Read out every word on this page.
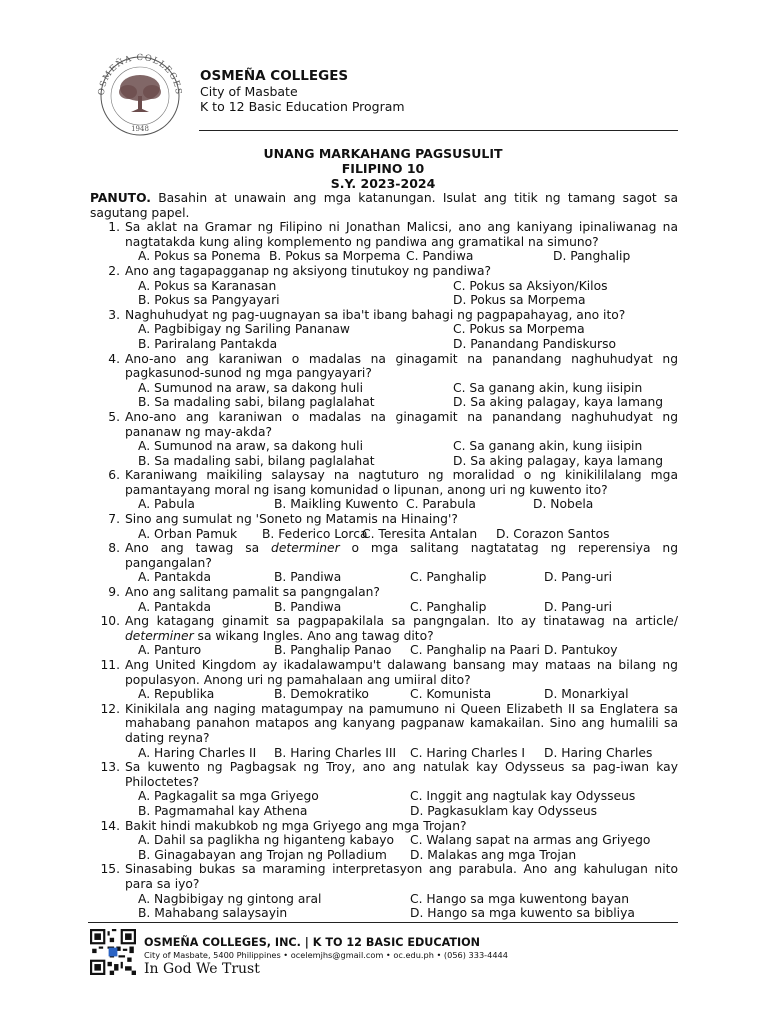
OSMEÑA COLLEGES
1948
OSMEÑA COLLEGES
City of Masbate
K to 12 Basic Education Program
UNANG MARKAHANG PAGSUSULIT
FILIPINO 10
S.Y. 2023-2024
PANUTO. Basahin at unawain ang mga katanungan. Isulat ang titik ng tamang sagot sa sagutang papel.
1. Sa aklat na Gramar ng Filipino ni Jonathan Malicsi, ano ang kaniyang ipinaliwanag na nagtatakda kung aling komplemento ng pandiwa ang gramatikal na simuno?
A. Pokus sa Ponema B. Pokus sa Morpema C. Pandiwa	D. Panghalip
2. Ano ang tagapagganap ng aksiyong tinutukoy ng pandiwa?
A. Pokus sa Karanasan	C. Pokus sa Aksiyon/Kilos
B. Pokus sa Pangyayari	D. Pokus sa Morpema
3. Naghuhudyat ng pag-uugnayan sa iba't ibang bahagi ng pagpapahayag, ano ito?
A. Pagbibigay ng Sariling Pananaw	C. Pokus sa Morpema
B. Pariralang Pantakda	D. Panandang Pandiskurso
4. Ano-ano ang karaniwan o madalas na ginagamit na panandang naghuhudyat ng pagkasunod-sunod ng mga pangyayari?
A. Sumunod na araw, sa dakong huli	C. Sa ganang akin, kung iisipin
B. Sa madaling sabi, bilang paglalahat	D. Sa aking palagay, kaya lamang
5. Ano-ano ang karaniwan o madalas na ginagamit na panandang naghuhudyat ng pananaw ng may-akda?
A. Sumunod na araw, sa dakong huli	C. Sa ganang akin, kung iisipin
B. Sa madaling sabi, bilang paglalahat	D. Sa aking palagay, kaya lamang
6. Karaniwang maikiling salaysay na nagtuturo ng moralidad o ng kinikililalang mga pamantayang moral ng isang komunidad o lipunan, anong uri ng kuwento ito?
A. Pabula	B. Maikling Kuwento C. Parabula	D. Nobela
7. Sino ang sumulat ng 'Soneto ng Matamis na Hinaing'?
A. Orban Pamuk B. Federico Lorca
C. Teresita Antalan D. Corazon Santos
8. Ano ang tawag sa determiner o mga salitang nagtatatag ng reperensiya ng pangangalan?
A. Pantakda	B. Pandiwa	C. Panghalip	D. Pang-uri
9. Ano ang salitang pamalit sa pangngalan?
A. Pantakda	B. Pandiwa	C. Panghalip	D. Pang-uri
10. Ang katagang ginamit sa pagpapakilala sa pangngalan. Ito ay tinatawag na article/ determiner sa wikang Ingles. Ano ang tawag dito?
A. Panturo	B. Panghalip Panao C. Panghalip na Paari D. Pantukoy
11. Ang United Kingdom ay ikadalawampu't dalawang bansang may mataas na bilang ng populasyon. Anong uri ng pamahalaan ang umiiral dito?
A. Republika	B. Demokratiko	C. Komunista	D. Monarkiyal
12. Kinikilala ang naging matagumpay na pamumuno ni Queen Elizabeth II sa Englatera sa mahabang panahon matapos ang kanyang pagpanaw kamakailan. Sino ang humalili sa dating reyna?
A. Haring Charles II B. Haring Charles III C. Haring Charles I D. Haring Charles
13. Sa kuwento ng Pagbagsak ng Troy, ano ang natulak kay Odysseus sa pag-iwan kay Philoctetes?
A. Pagkagalit sa mga Griyego	C. Inggit ang nagtulak kay Odysseus
B. Pagmamahal kay Athena	D. Pagkasuklam kay Odysseus
14. Bakit hindi makubkob ng mga Griyego ang mga Trojan?
A. Dahil sa paglikha ng higanteng kabayo C. Walang sapat na armas ang Griyego
B. Ginagabayan ang Trojan ng Polladium D. Malakas ang mga Trojan
15. Sinasabing bukas sa maraming interpretasyon ang parabula. Ano ang kahulugan nito para sa iyo?
A. Nagbibigay ng gintong aral	C. Hango sa mga kuwentong bayan
B. Mahabang salaysayin	D. Hango sa mga kuwento sa bibliya
OSMEÑA COLLEGES, INC. | K TO 12 BASIC EDUCATION
City of Masbate, 5400 Philippines • ocelemjhs@gmail.com • oc.edu.ph • (056) 333-4444
In God We Trust
